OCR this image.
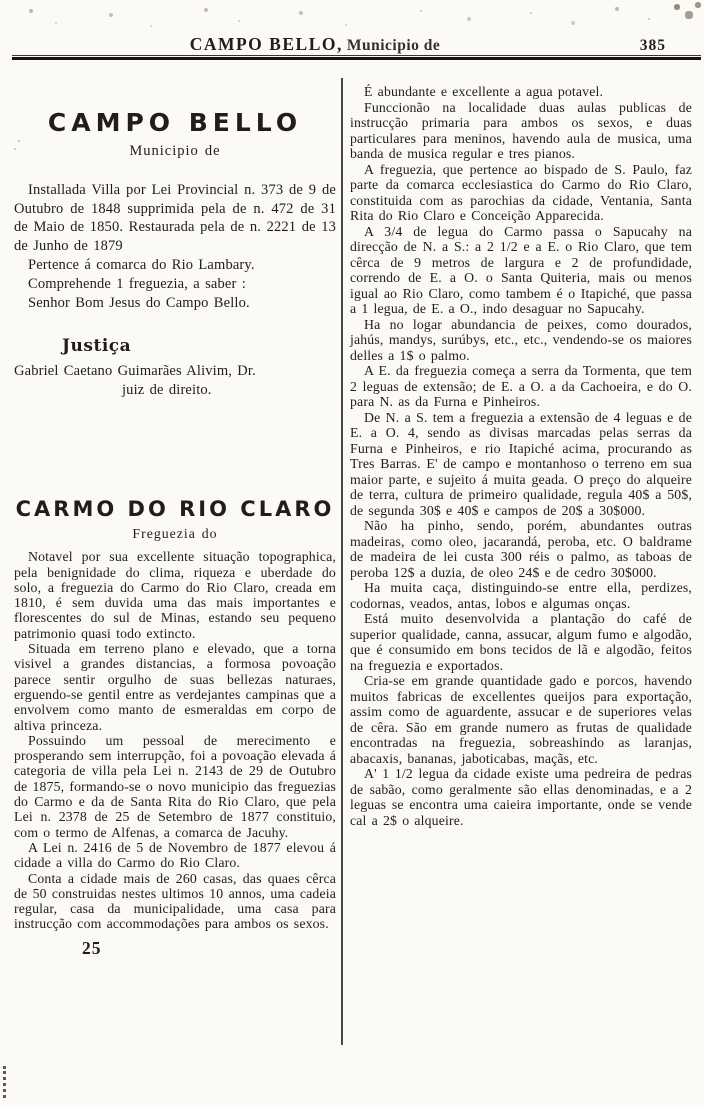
CAMPO BELLO, Municipio de	385
CAMPO BELLO

Municipio de

Installada Villa por Lei Provincial n. 373 de 9 de Outubro de 1848 supprimida pela de n. 472 de 31 de Maio de 1850. Restaurada pela de n. 2221 de 13 de Junho de 1879

Pertence á comarca do Rio Lambary.

Comprehende 1 freguezia, a saber :

Senhor Bom Jesus do Campo Bello.

Justiça

Gabriel Caetano Guimarães Alivim, Dr.

juiz de direito.

CARMO DO RIO CLARO

Freguezia do

Notavel por sua excellente situação topographica, pela benignidade do clima, riqueza e uberdade do solo, a freguezia do Carmo do Rio Claro, creada em 1810, é sem duvida uma das mais importantes e florescentes do sul de Minas, estando seu pequeno patrimonio quasi todo extincto.

Situada em terreno plano e elevado, que a torna visivel a grandes distancias, a formosa povoação parece sentir orgulho de suas bellezas naturaes, erguendo-se gentil entre as verdejantes campinas que a envolvem como manto de esmeraldas em corpo de altiva princeza.

Possuindo um pessoal de merecimento e prosperando sem interrupção, foi a povoação elevada á categoria de villa pela Lei n. 2143 de 29 de Outubro de 1875, formando-se o novo municipio das freguezias do Carmo e da de Santa Rita do Rio Claro, que pela Lei n. 2378 de 25 de Setembro de 1877 constituio, com o termo de Alfenas, a comarca de Jacuhy.

A Lei n. 2416 de 5 de Novembro de 1877 elevou á cidade a villa do Carmo do Rio Claro.

Conta a cidade mais de 260 casas, das quaes cêrca de 50 construidas nestes ultimos 10 annos, uma cadeia regular, casa da municipalidade, uma casa para instrucção com accommodações para ambos os sexos.

25

É abundante e excellente a agua potavel.

Funccionão na localidade duas aulas publicas de instrucção primaria para ambos os sexos, e duas particulares para meninos, havendo aula de musica, uma banda de musica regular e tres pianos.

A freguezia, que pertence ao bispado de S. Paulo, faz parte da comarca ecclesiastica do Carmo do Rio Claro, constituida com as parochias da cidade, Ventania, Santa Rita do Rio Claro e Conceição Apparecida.

A 3/4 de legua do Carmo passa o Sapucahy na direcção de N. a S.: a 2 1/2 e a E. o Rio Claro, que tem cêrca de 9 metros de largura e 2 de profundidade, correndo de E. a O. o Santa Quiteria, mais ou menos igual ao Rio Claro, como tambem é o Itapiché, que passa a 1 legua, de E. a O., indo desaguar no Sapucahy.

Ha no logar abundancia de peixes, como dourados, jahús, mandys, surúbys, etc., etc., vendendo-se os maiores delles a 1$ o palmo.

A E. da freguezia começa a serra da Tormenta, que tem 2 leguas de extensão; de E. a O. a da Cachoeira, e do O. para N. as da Furna e Pinheiros.

De N. a S. tem a freguezia a extensão de 4 leguas e de E. a O. 4, sendo as divisas marcadas pelas serras da Furna e Pinheiros, e rio Itapiché acima, procurando as Tres Barras. E' de campo e montanhoso o terreno em sua maior parte, e sujeito á muita geada. O preço do alqueire de terra, cultura de primeiro qualidade, regula 40$ a 50$, de segunda 30$ e 40$ e campos de 20$ a 30$000.

Não ha pinho, sendo, porém, abundantes outras madeiras, como oleo, jacarandá, peroba, etc. O baldrame de madeira de lei custa 300 réis o palmo, as taboas de peroba 12$ a duzia, de oleo 24$ e de cedro 30$000.

Ha muita caça, distinguindo-se entre ella, perdizes, codornas, veados, antas, lobos e algumas onças.

Está muito desenvolvida a plantação do café de superior qualidade, canna, assucar, algum fumo e algodão, que é consumido em bons tecidos de lã e algodão, feitos na freguezia e exportados.

Cria-se em grande quantidade gado e porcos, havendo muitos fabricas de excellentes queijos para exportação, assim como de aguardente, assucar e de superiores velas de cêra. São em grande numero as frutas de qualidade encontradas na freguezia, sobreashindo as laranjas, abacaxis, bananas, jaboticabas, maçãs, etc.

A' 1 1/2 legua da cidade existe uma pedreira de pedras de sabão, como geralmente são ellas denominadas, e a 2 leguas se encontra uma caieira importante, onde se vende cal a 2$ o alqueire.
